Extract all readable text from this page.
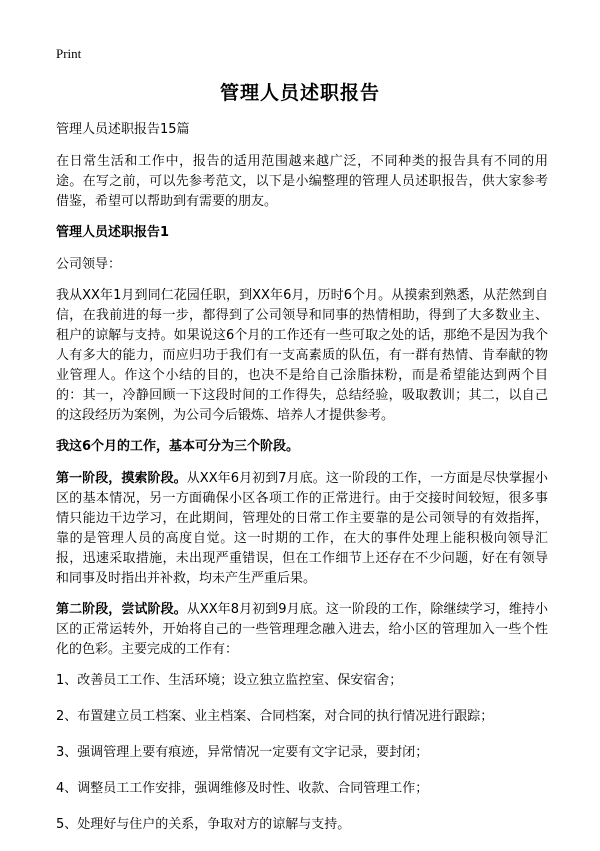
Print
管理人员述职报告

管理人员述职报告15篇

在日常生活和工作中，报告的适用范围越来越广泛，不同种类的报告具有不同的用途。在写之前，可以先参考范文，以下是小编整理的管理人员述职报告，供大家参考借鉴，希望可以帮助到有需要的朋友。

管理人员述职报告1

公司领导：

我从XX年1月到同仁花园任职，到XX年6月，历时6个月。从摸索到熟悉，从茫然到自信，在我前进的每一步，都得到了公司领导和同事的热情相助，得到了大多数业主、租户的谅解与支持。如果说这6个月的工作还有一些可取之处的话，那绝不是因为我个人有多大的能力，而应归功于我们有一支高素质的队伍，有一群有热情、肯奉献的物业管理人。作这个小结的目的，也决不是给自己涂脂抹粉，而是希望能达到两个目的：其一，冷静回顾一下这段时间的工作得失，总结经验，吸取教训；其二，以自己的这段经历为案例，为公司今后锻炼、培养人才提供参考。

我这6个月的工作，基本可分为三个阶段。

第一阶段，摸索阶段。从XX年6月初到7月底。这一阶段的工作，一方面是尽快掌握小区的基本情况，另一方面确保小区各项工作的正常进行。由于交接时间较短，很多事情只能边干边学习，在此期间，管理处的日常工作主要靠的是公司领导的有效指挥，靠的是管理人员的高度自觉。这一时期的工作，在大的事件处理上能积极向领导汇报，迅速采取措施，未出现严重错误，但在工作细节上还存在不少问题，好在有领导和同事及时指出并补救，均未产生严重后果。

第二阶段，尝试阶段。从XX年8月初到9月底。这一阶段的工作，除继续学习，维持小区的正常运转外，开始将自己的一些管理理念融入进去，给小区的管理加入一些个性化的色彩。主要完成的工作有：

1、改善员工工作、生活环境；设立独立监控室、保安宿舍；

2、布置建立员工档案、业主档案、合同档案，对合同的执行情况进行跟踪；

3、强调管理上要有痕迹，异常情况一定要有文字记录，要封闭；

4、调整员工工作安排，强调维修及时性、收款、合同管理工作；

5、处理好与住户的关系，争取对方的谅解与支持。
